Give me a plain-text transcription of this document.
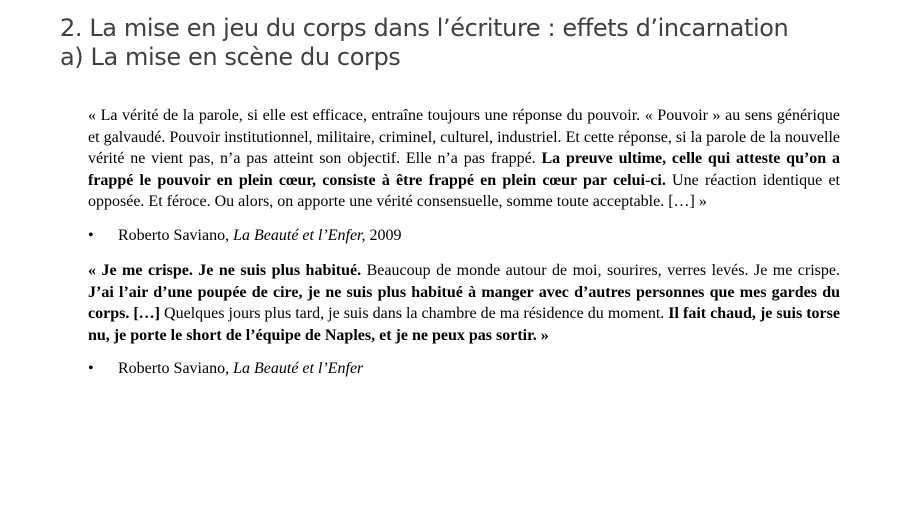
2. La mise en jeu du corps dans l’écriture : effets d’incarnation
a) La mise en scène du corps

« La vérité de la parole, si elle est efficace, entraîne toujours une réponse du pouvoir. « Pouvoir » au sens générique et galvaudé. Pouvoir institutionnel, militaire, criminel, culturel, industriel. Et cette réponse, si la parole de la nouvelle vérité ne vient pas, n’a pas atteint son objectif. Elle n’a pas frappé. La preuve ultime, celle qui atteste qu’on a frappé le pouvoir en plein cœur, consiste à être frappé en plein cœur par celui-ci. Une réaction identique et opposée. Et féroce. Ou alors, on apporte une vérité consensuelle, somme toute acceptable. […] »

•	Roberto Saviano, La Beauté et l’Enfer, 2009

« Je me crispe. Je ne suis plus habitué. Beaucoup de monde autour de moi, sourires, verres levés. Je me crispe. J’ai l’air d’une poupée de cire, je ne suis plus habitué à manger avec d’autres personnes que mes gardes du corps. […] Quelques jours plus tard, je suis dans la chambre de ma résidence du moment. Il fait chaud, je suis torse nu, je porte le short de l’équipe de Naples, et je ne peux pas sortir. »

•	Roberto Saviano, La Beauté et l’Enfer
